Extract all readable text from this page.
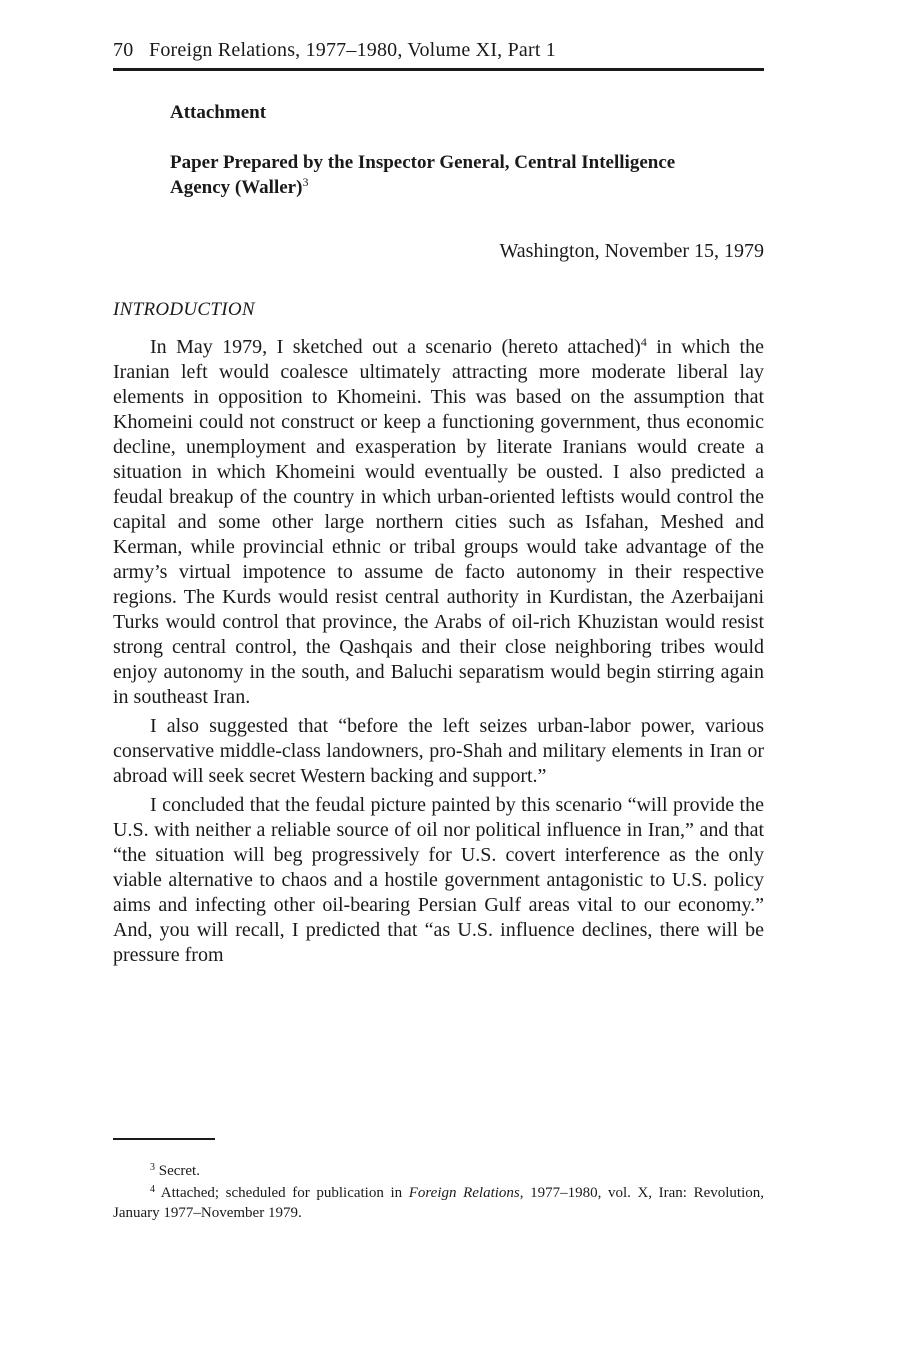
70 Foreign Relations, 1977–1980, Volume XI, Part 1
Attachment
Paper Prepared by the Inspector General, Central Intelligence Agency (Waller)$^3$
Washington, November 15, 1979
INTRODUCTION

In May 1979, I sketched out a scenario (hereto attached)$^4$ in which the Iranian left would coalesce ultimately attracting more moderate liberal lay elements in opposition to Khomeini. This was based on the assumption that Khomeini could not construct or keep a functioning government, thus economic decline, unemployment and exasperation by literate Iranians would create a situation in which Khomeini would eventually be ousted. I also predicted a feudal breakup of the country in which urban-oriented leftists would control the capital and some other large northern cities such as Isfahan, Meshed and Kerman, while provincial ethnic or tribal groups would take advantage of the army’s virtual impotence to assume de facto autonomy in their respective regions. The Kurds would resist central authority in Kurdistan, the Azerbaijani Turks would control that province, the Arabs of oil-rich Khuzistan would resist strong central control, the Qashqais and their close neighboring tribes would enjoy autonomy in the south, and Baluchi separatism would begin stirring again in southeast Iran.

I also suggested that “before the left seizes urban-labor power, various conservative middle-class landowners, pro-Shah and military elements in Iran or abroad will seek secret Western backing and support.”

I concluded that the feudal picture painted by this scenario “will provide the U.S. with neither a reliable source of oil nor political influence in Iran,” and that “the situation will beg progressively for U.S. covert interference as the only viable alternative to chaos and a hostile government antagonistic to U.S. policy aims and infecting other oil-bearing Persian Gulf areas vital to our economy.” And, you will recall, I predicted that “as U.S. influence declines, there will be pressure from

$^3$ Secret.

$^4$ Attached; scheduled for publication in Foreign Relations, 1977–1980, vol. X, Iran: Revolution, January 1977–November 1979.
